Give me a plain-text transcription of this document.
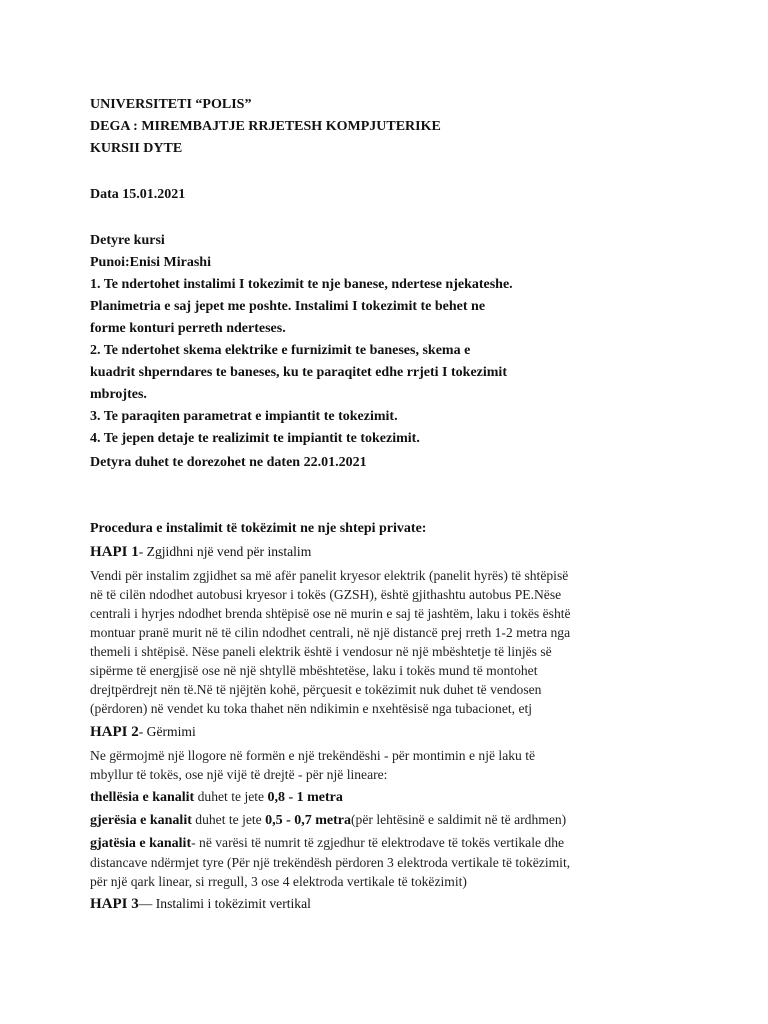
UNIVERSITETI “POLIS”
DEGA : MIREMBAJTJE RRJETESH KOMPJUTERIKE
KURSII DYTE
Data 15.01.2021
Detyre kursi
Punoi:Enisi Mirashi
1. Te ndertohet instalimi I tokezimit te nje banese, ndertese njekateshe.
Planimetria e saj jepet me poshte. Instalimi I tokezimit te behet ne
forme konturi perreth nderteses.
2. Te ndertohet skema elektrike e furnizimit te baneses, skema e
kuadrit shperndares te baneses, ku te paraqitet edhe rrjeti I tokezimit
mbrojtes.
3. Te paraqiten parametrat e impiantit te tokezimit.
4. Te jepen detaje te realizimit te impiantit te tokezimit.
Detyra duhet te dorezohet ne daten 22.01.2021
Procedura e instalimit të tokëzimit ne nje shtepi private:
HAPI 1- Zgjidhni një vend për instalim
Vendi për instalim zgjidhet sa më afër panelit kryesor elektrik (panelit hyrës) të shtëpisë
në të cilën ndodhet autobusi kryesor i tokës (GZSH), është gjithashtu autobus PE.Nëse
centrali i hyrjes ndodhet brenda shtëpisë ose në murin e saj të jashtëm, laku i tokës është
montuar pranë murit në të cilin ndodhet centrali, në një distancë prej rreth 1-2 metra nga
themeli i shtëpisë. Nëse paneli elektrik është i vendosur në një mbështetje të linjës së
sipërme të energjisë ose në një shtyllë mbështetëse, laku i tokës mund të montohet
drejtpërdrejt nën të.Në të njëjtën kohë, përçuesit e tokëzimit nuk duhet të vendosen
(përdoren) në vendet ku toka thahet nën ndikimin e nxehtësisë nga tubacionet, etj
HAPI 2- Gërmimi
Ne gërmojmë një llogore në formën e një trekëndëshi - për montimin e një laku të
mbyllur të tokës, ose një vijë të drejtë - për një lineare:
thellësia e kanalit duhet te jete 0,8 - 1 metra
gjerësia e kanalit duhet te jete 0,5 - 0,7 metra(për lehtësinë e saldimit në të ardhmen)
gjatësia e kanalit- në varësi të numrit të zgjedhur të elektrodave të tokës vertikale dhe
distancave ndërmjet tyre (Për një trekëndësh përdoren 3 elektroda vertikale të tokëzimit,
për një qark linear, si rregull, 3 ose 4 elektroda vertikale të tokëzimit)
HAPI 3— Instalimi i tokëzimit vertikal
